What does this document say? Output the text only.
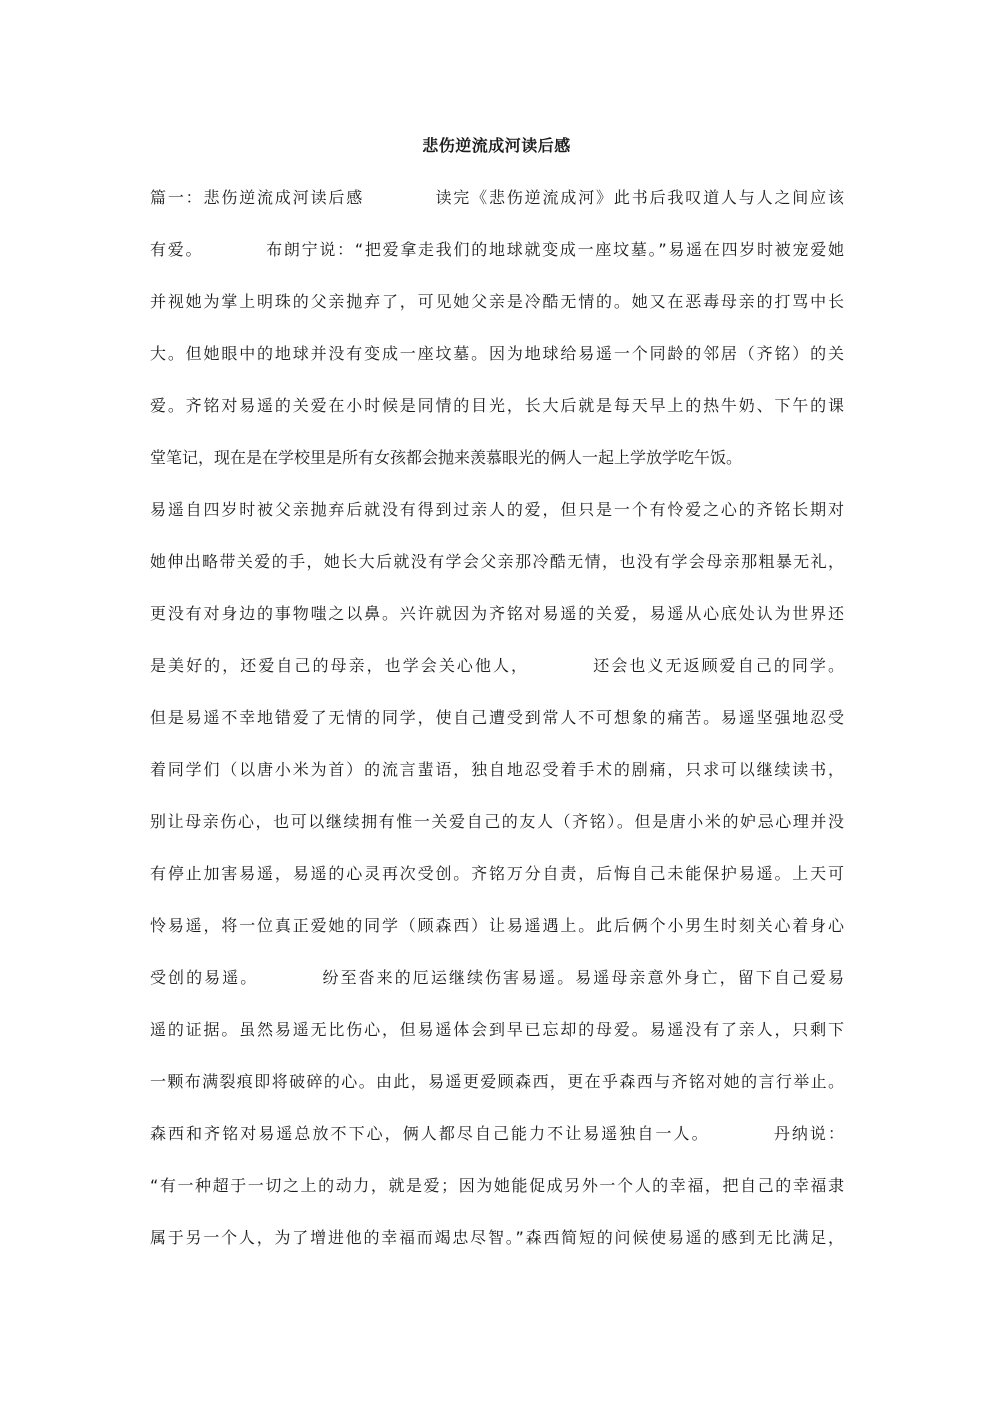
悲伤逆流成河读后感
篇一：悲伤逆流成河读后感　　　　读完《悲伤逆流成河》此书后我叹道人与人之间应该
有爱。　　　　布朗宁说：“把爱拿走我们的地球就变成一座坟墓。”易遥在四岁时被宠爱她
并视她为掌上明珠的父亲抛弃了，可见她父亲是冷酷无情的。她又在恶毒母亲的打骂中长
大。但她眼中的地球并没有变成一座坟墓。因为地球给易遥一个同龄的邻居（齐铭）的关
爱。齐铭对易遥的关爱在小时候是同情的目光，长大后就是每天早上的热牛奶、下午的课
堂笔记，现在是在学校里是所有女孩都会抛来羡慕眼光的俩人一起上学放学吃午饭。
易遥自四岁时被父亲抛弃后就没有得到过亲人的爱，但只是一个有怜爱之心的齐铭长期对
她伸出略带关爱的手，她长大后就没有学会父亲那冷酷无情，也没有学会母亲那粗暴无礼，
更没有对身边的事物嗤之以鼻。兴许就因为齐铭对易遥的关爱，易遥从心底处认为世界还
是美好的，还爱自己的母亲，也学会关心他人，　　　　还会也义无返顾爱自己的同学。
但是易遥不幸地错爱了无情的同学，使自己遭受到常人不可想象的痛苦。易遥坚强地忍受
着同学们（以唐小米为首）的流言蜚语，独自地忍受着手术的剧痛，只求可以继续读书，
别让母亲伤心，也可以继续拥有惟一关爱自己的友人（齐铭）。但是唐小米的妒忌心理并没
有停止加害易遥，易遥的心灵再次受创。齐铭万分自责，后悔自己未能保护易遥。上天可
怜易遥，将一位真正爱她的同学（顾森西）让易遥遇上。此后俩个小男生时刻关心着身心
受创的易遥。　　　　纷至沓来的厄运继续伤害易遥。易遥母亲意外身亡，留下自己爱易
遥的证据。虽然易遥无比伤心，但易遥体会到早已忘却的母爱。易遥没有了亲人，只剩下
一颗布满裂痕即将破碎的心。由此，易遥更爱顾森西，更在乎森西与齐铭对她的言行举止。
森西和齐铭对易遥总放不下心，俩人都尽自己能力不让易遥独自一人。　　　　丹纳说：
“有一种超于一切之上的动力，就是爱；因为她能促成另外一个人的幸福，把自己的幸福隶
属于另一个人，为了增进他的幸福而竭忠尽智。”森西简短的问候使易遥的感到无比满足，
